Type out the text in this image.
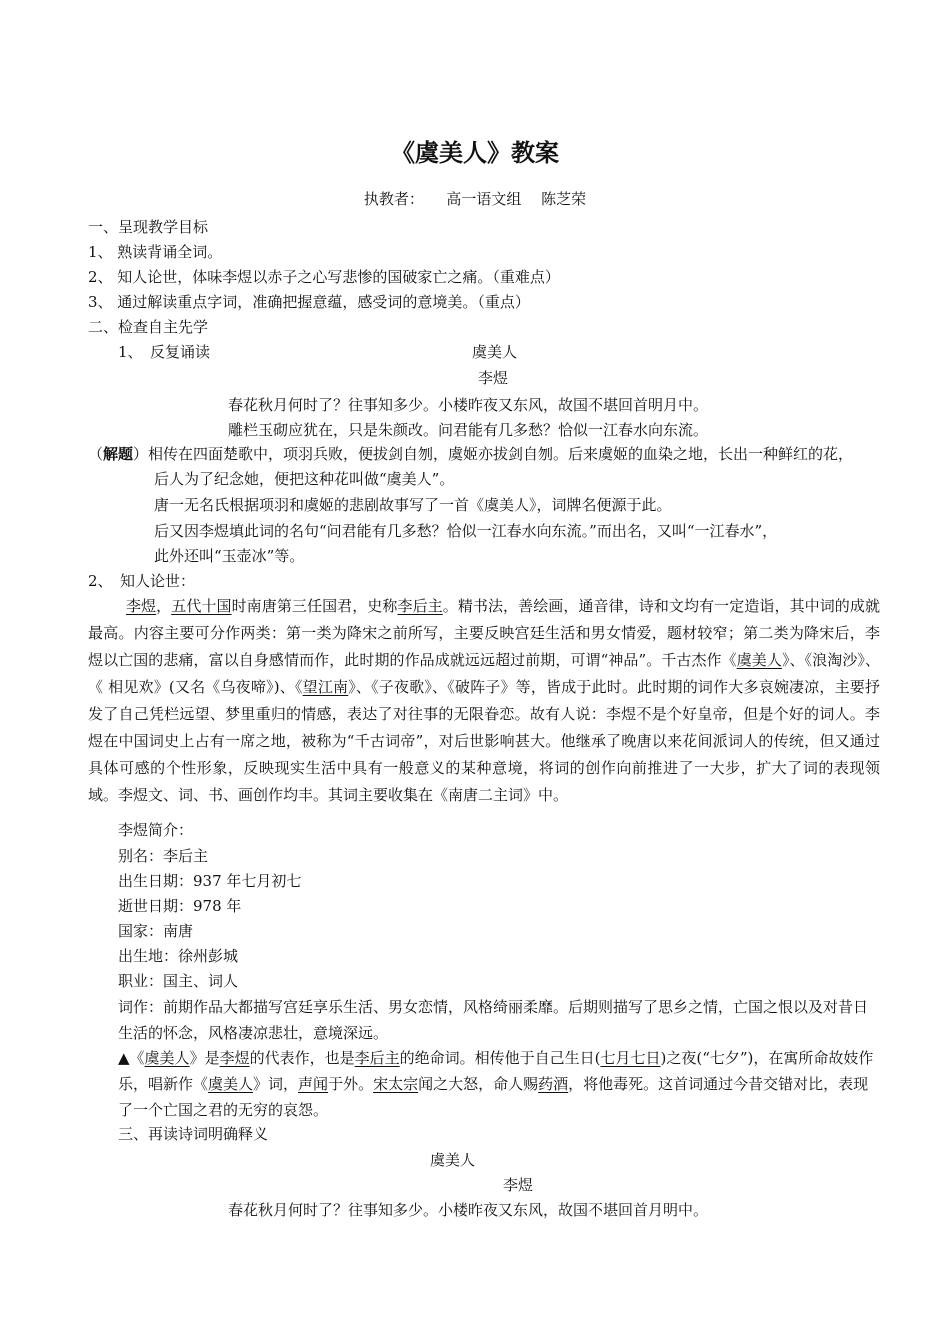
《虞美人》教案
执教者：　　高一语文组　 陈芝荣
一、呈现教学目标
1、 熟读背诵全词。
2、 知人论世，体味李煜以赤子之心写悲惨的国破家亡之痛。（重难点）
3、 通过解读重点字词，准确把握意蕴，感受词的意境美。（重点）
二、检查自主先学
1、　反复诵读	虞美人
李煜
春花秋月何时了？往事知多少。小楼昨夜又东风，故国不堪回首明月中。
雕栏玉砌应犹在，只是朱颜改。问君能有几多愁？恰似一江春水向东流。
（解题）相传在四面楚歌中，项羽兵败，便拔剑自刎，虞姬亦拔剑自刎。后来虞姬的血染之地，长出一种鲜红的花，
后人为了纪念她，便把这种花叫做“虞美人”。
唐一无名氏根据项羽和虞姬的悲剧故事写了一首《虞美人》，词牌名便源于此。
后又因李煜填此词的名句“问君能有几多愁？恰似一江春水向东流。”而出名，又叫“一江春水”，
此外还叫“玉壶冰”等。
2、　知人论世：
李煜，五代十国时南唐第三任国君，史称李后主。精书法，善绘画，通音律，诗和文均有一定造诣，其中词的成就最高。内容主要可分作两类：第一类为降宋之前所写，主要反映宫廷生活和男女情爱，题材较窄；第二类为降宋后，李煜以亡国的悲痛，富以自身感情而作，此时期的作品成就远远超过前期，可谓“神品”。千古杰作《虞美人》、《浪淘沙》、《 相见欢》(又名《乌夜啼》)、《望江南》、《子夜歌》、《破阵子》等，皆成于此时。此时期的词作大多哀婉凄凉，主要抒发了自己凭栏远望、梦里重归的情感，表达了对往事的无限眷恋。故有人说：李煜不是个好皇帝，但是个好的词人。李煜在中国词史上占有一席之地，被称为“千古词帝”，对后世影响甚大。他继承了晚唐以来花间派词人的传统，但又通过具体可感的个性形象，反映现实生活中具有一般意义的某种意境，将词的创作向前推进了一大步，扩大了词的表现领域。李煜文、词、书、画创作均丰。其词主要收集在《南唐二主词》中。
李煜简介：
别名：李后主
出生日期：937 年七月初七
逝世日期：978 年
国家：南唐
出生地：徐州彭城
职业：国主、词人
词作：前期作品大都描写宫廷享乐生活、男女恋情，风格绮丽柔靡。后期则描写了思乡之情，亡国之恨以及对昔日生活的怀念，风格凄凉悲壮，意境深远。
▲《虞美人》是李煜的代表作，也是李后主的绝命词。相传他于自己生日(七月七日)之夜(“七夕”)，在寓所命故妓作乐，唱新作《虞美人》词，声闻于外。宋太宗闻之大怒，命人赐药酒，将他毒死。这首词通过今昔交错对比，表现了一个亡国之君的无穷的哀怨。
三、再读诗词明确释义
虞美人
李煜
春花秋月何时了？往事知多少。小楼昨夜又东风，故国不堪回首月明中。
